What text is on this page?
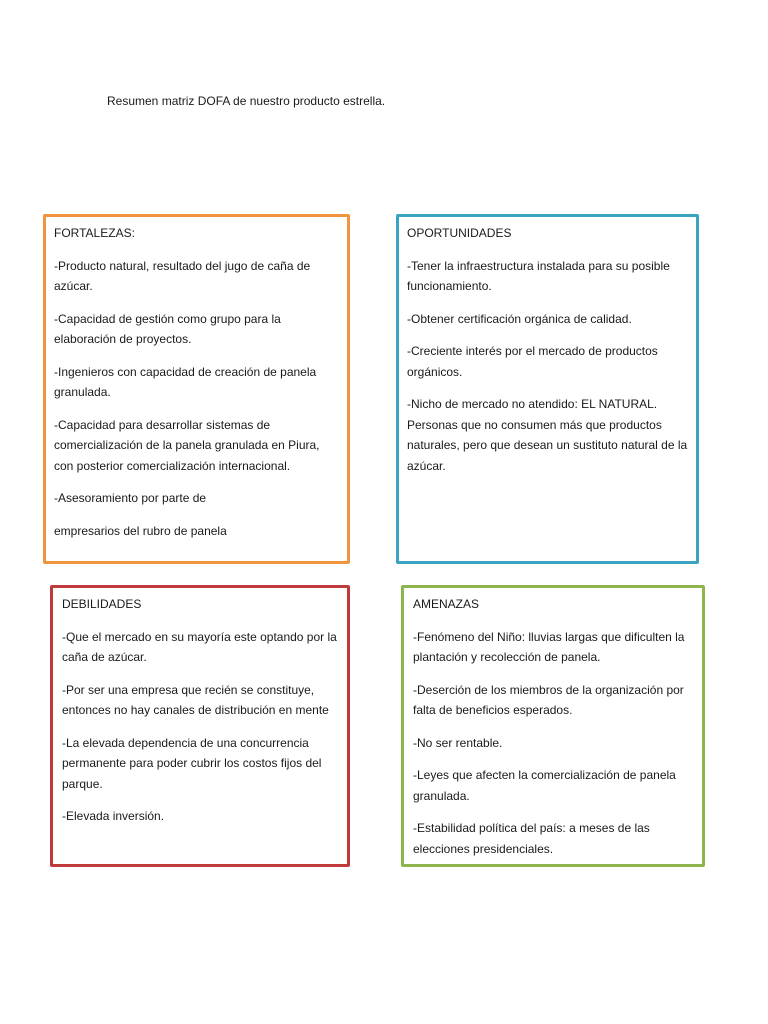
Resumen matriz DOFA de nuestro producto estrella.
FORTALEZAS:

-Producto natural, resultado del jugo de caña de azúcar.

-Capacidad de gestión como grupo para la elaboración de proyectos.

-Ingenieros con capacidad de creación de panela granulada.

-Capacidad para desarrollar sistemas de comercialización de la panela granulada en Piura, con posterior comercialización internacional.

-Asesoramiento por parte de

empresarios del rubro de panela

OPORTUNIDADES

-Tener la infraestructura instalada para su posible funcionamiento.

-Obtener certificación orgánica de calidad.

-Creciente interés por el mercado de productos orgánicos.

-Nicho de mercado no atendido: EL NATURAL. Personas que no consumen más que productos naturales, pero que desean un sustituto natural de la azúcar.

DEBILIDADES

-Que el mercado en su mayoría este optando por la caña de azúcar.

-Por ser una empresa que recién se constituye, entonces no hay canales de distribución en mente

-La elevada dependencia de una concurrencia permanente para poder cubrir los costos fijos del parque.

-Elevada inversión.

AMENAZAS

-Fenómeno del Niño: lluvias largas que dificulten la plantación y recolección de panela.

-Deserción de los miembros de la organización por falta de beneficios esperados.

-No ser rentable.

-Leyes que afecten la comercialización de panela granulada.

-Estabilidad política del país: a meses de las elecciones presidenciales.
